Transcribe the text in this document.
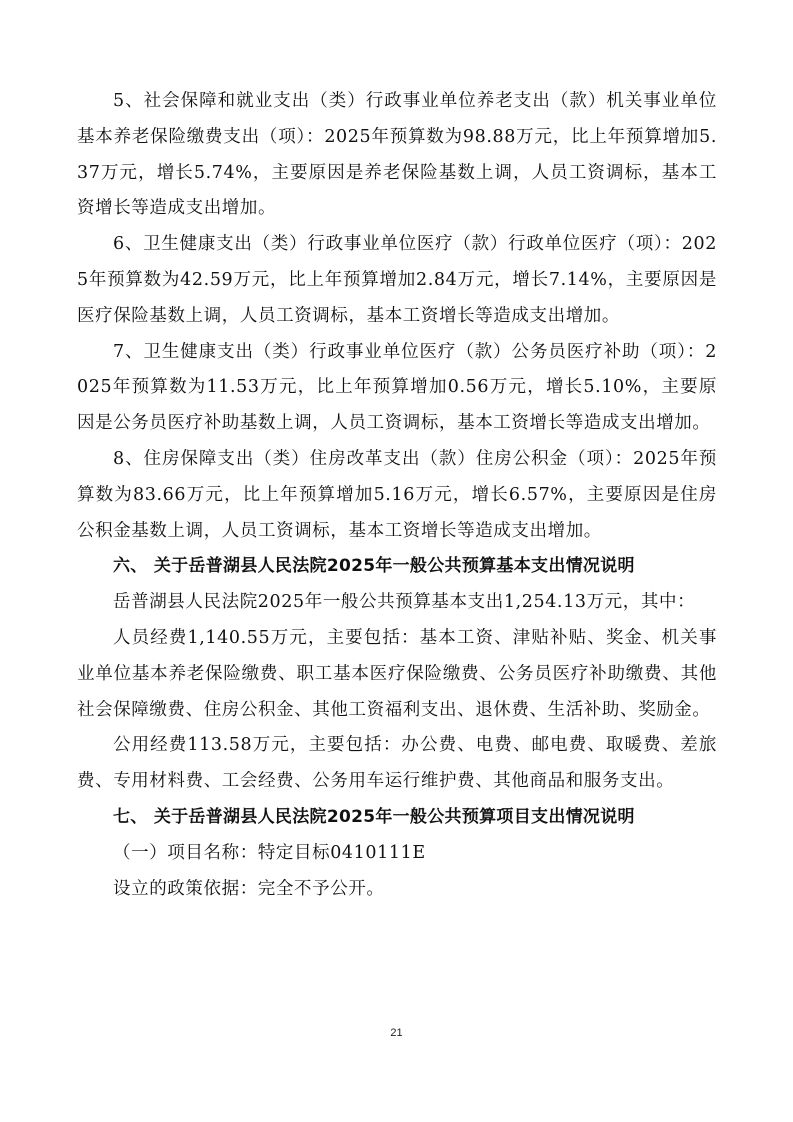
5、社会保障和就业支出（类）行政事业单位养老支出（款）机关事业单位基本养老保险缴费支出（项）：2025年预算数为98.88万元，比上年预算增加5.37万元，增长5.74%，主要原因是养老保险基数上调，人员工资调标，基本工资增长等造成支出增加。

6、卫生健康支出（类）行政事业单位医疗（款）行政单位医疗（项）：2025年预算数为42.59万元，比上年预算增加2.84万元，增长7.14%，主要原因是医疗保险基数上调，人员工资调标，基本工资增长等造成支出增加。

7、卫生健康支出（类）行政事业单位医疗（款）公务员医疗补助（项）：2025年预算数为11.53万元，比上年预算增加0.56万元，增长5.10%，主要原因是公务员医疗补助基数上调，人员工资调标，基本工资增长等造成支出增加。

8、住房保障支出（类）住房改革支出（款）住房公积金（项）：2025年预算数为83.66万元，比上年预算增加5.16万元，增长6.57%，主要原因是住房公积金基数上调，人员工资调标，基本工资增长等造成支出增加。

六、 关于岳普湖县人民法院2025年一般公共预算基本支出情况说明

岳普湖县人民法院2025年一般公共预算基本支出1,254.13万元，其中：

人员经费1,140.55万元，主要包括：基本工资、津贴补贴、奖金、机关事业单位基本养老保险缴费、职工基本医疗保险缴费、公务员医疗补助缴费、其他社会保障缴费、住房公积金、其他工资福利支出、退休费、生活补助、奖励金。

公用经费113.58万元，主要包括：办公费、电费、邮电费、取暖费、差旅费、专用材料费、工会经费、公务用车运行维护费、其他商品和服务支出。

七、 关于岳普湖县人民法院2025年一般公共预算项目支出情况说明

（一）项目名称：特定目标0410111E

设立的政策依据：完全不予公开。

21
